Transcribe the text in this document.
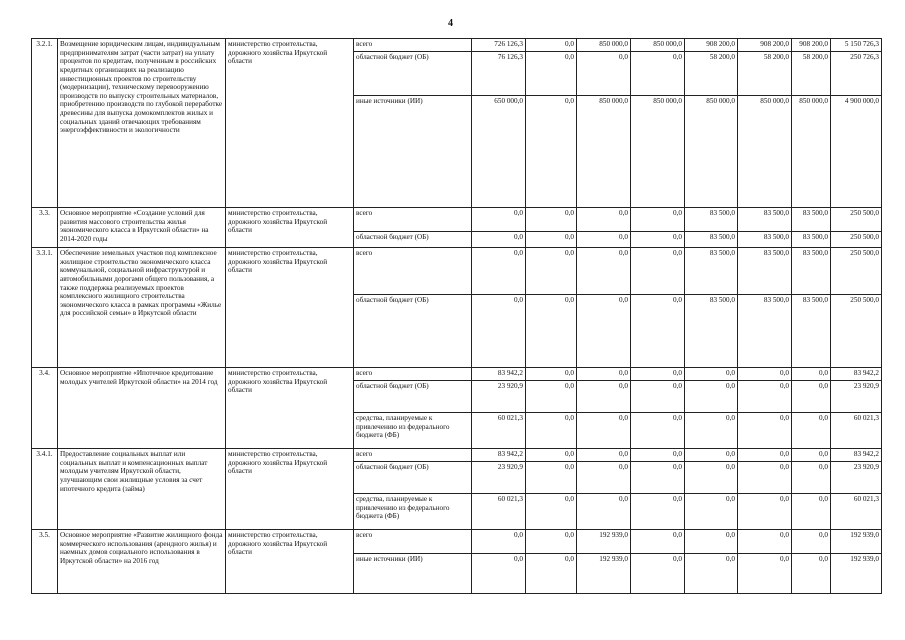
4
3.2.1.	Возмещение юридическим лицам, индивидуальным предпринимателям затрат (части затрат) на уплату процентов по кредитам, полученным в российских кредитных организациях на реализацию инвестиционных проектов по строительству (модернизации), техническому перевооружению производств по выпуску строительных материалов, приобретению производств по глубокой переработке древесины для выпуска домокомплектов жилых и социальных зданий отвечающих требованиям энергоэффективности и экологичности	министерство строительства, дорожного хозяйства Иркутской области	всего	726 126,3	0,0	850 000,0	850 000,0	908 200,0	908 200,0	908 200,0	5 150 726,3
			областной бюджет (ОБ)	76 126,3	0,0	0,0	0,0	58 200,0	58 200,0	58 200,0	250 726,3
			иные источники (ИИ)	650 000,0	0,0	850 000,0	850 000,0	850 000,0	850 000,0	850 000,0	4 900 000,0
3.3.	Основное мероприятие «Создание условий для развития массового строительства жилья экономического класса в Иркутской области» на 2014-2020 годы	министерство строительства, дорожного хозяйства Иркутской области	всего	0,0	0,0	0,0	0,0	83 500,0	83 500,0	83 500,0	250 500,0
			областной бюджет (ОБ)	0,0	0,0	0,0	0,0	83 500,0	83 500,0	83 500,0	250 500,0
3.3.1.	Обеспечение земельных участков под комплексное жилищное строительство экономического класса коммунальной, социальной инфраструктурой и автомобильными дорогами общего пользования, а также поддержка реализуемых проектов комплексного жилищного строительства экономического класса в рамках программы «Жилье для российской семьи» в Иркутской области	министерство строительства, дорожного хозяйства Иркутской области	всего	0,0	0,0	0,0	0,0	83 500,0	83 500,0	83 500,0	250 500,0
			областной бюджет (ОБ)	0,0	0,0	0,0	0,0	83 500,0	83 500,0	83 500,0	250 500,0
3.4.	Основное мероприятие «Ипотечное кредитование молодых учителей Иркутской области» на 2014 год	министерство строительства, дорожного хозяйства Иркутской области	всего	83 942,2	0,0	0,0	0,0	0,0	0,0	0,0	83 942,2
			областной бюджет (ОБ)	23 920,9	0,0	0,0	0,0	0,0	0,0	0,0	23 920,9
			средства, планируемые к привлечению из федерального бюджета (ФБ)	60 021,3	0,0	0,0	0,0	0,0	0,0	0,0	60 021,3
3.4.1.	Предоставление социальных выплат или социальных выплат и компенсационных выплат молодым учителям Иркутской области, улучшающим свои жилищные условия за счет ипотечного кредита (займа)	министерство строительства, дорожного хозяйства Иркутской области	всего	83 942,2	0,0	0,0	0,0	0,0	0,0	0,0	83 942,2
			областной бюджет (ОБ)	23 920,9	0,0	0,0	0,0	0,0	0,0	0,0	23 920,9
			средства, планируемые к привлечению из федерального бюджета (ФБ)	60 021,3	0,0	0,0	0,0	0,0	0,0	0,0	60 021,3
3.5.	Основное мероприятие «Развитие жилищного фонда коммерческого использования (арендного жилья) и наемных домов социального использования в Иркутской области» на 2016 год	министерство строительства, дорожного хозяйства Иркутской области	всего	0,0	0,0	192 939,0	0,0	0,0	0,0	0,0	192 939,0
			иные источники (ИИ)	0,0	0,0	192 939,0	0,0	0,0	0,0	0,0	192 939,0
